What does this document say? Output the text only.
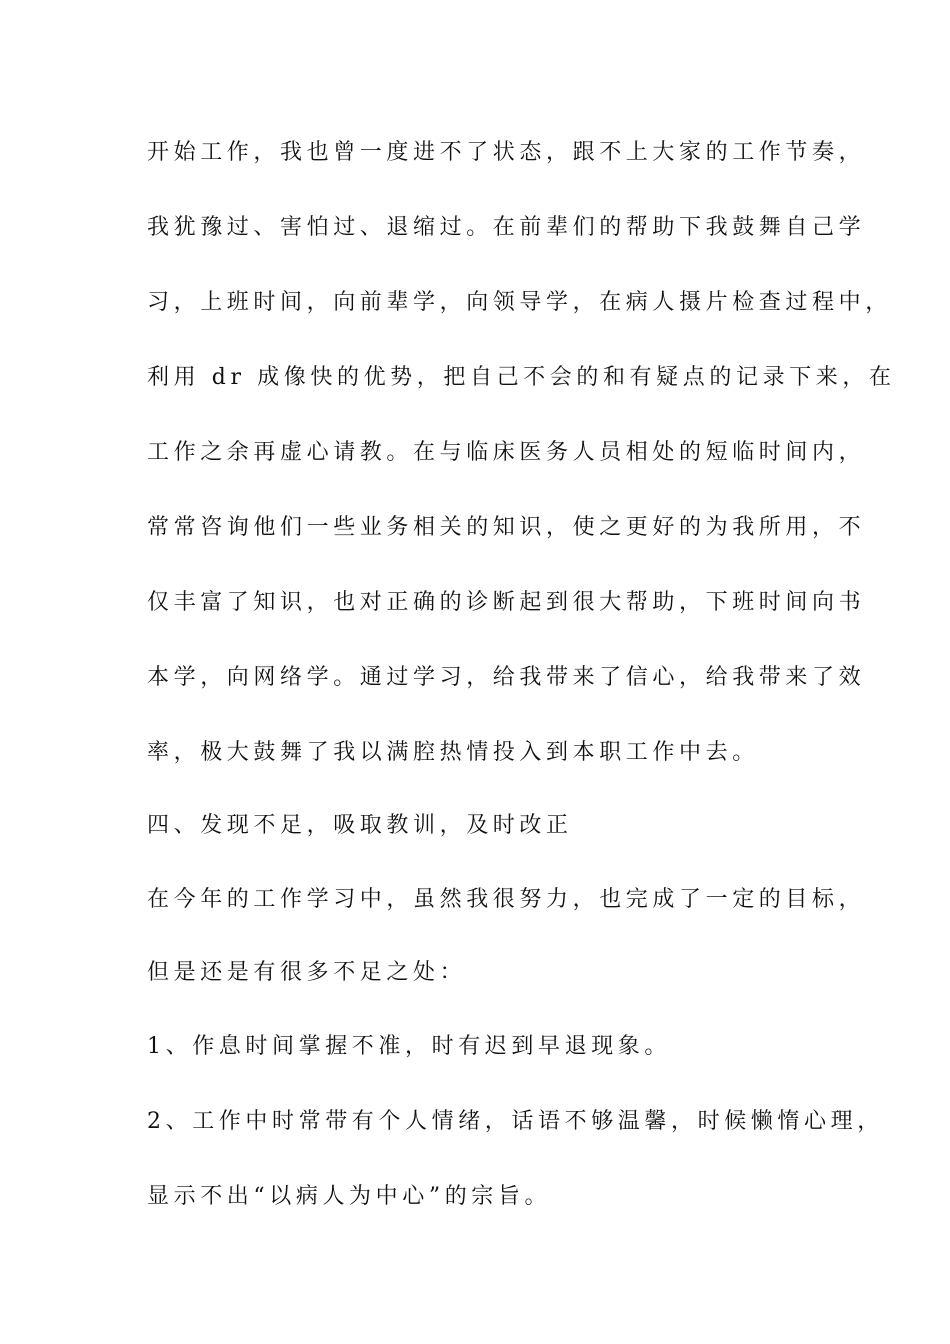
开始工作，我也曾一度进不了状态，跟不上大家的工作节奏，
我犹豫过、害怕过、退缩过。在前辈们的帮助下我鼓舞自己学
习，上班时间，向前辈学，向领导学，在病人摄片检查过程中，
利用 dr 成像快的优势，把自己不会的和有疑点的记录下来，在
工作之余再虚心请教。在与临床医务人员相处的短临时间内，
常常咨询他们一些业务相关的知识，使之更好的为我所用，不
仅丰富了知识，也对正确的诊断起到很大帮助，下班时间向书
本学，向网络学。通过学习，给我带来了信心，给我带来了效
率，极大鼓舞了我以满腔热情投入到本职工作中去。
四、发现不足，吸取教训，及时改正
在今年的工作学习中，虽然我很努力，也完成了一定的目标，
但是还是有很多不足之处：
1、作息时间掌握不准，时有迟到早退现象。
2、工作中时常带有个人情绪，话语不够温馨，时候懒惰心理，
显示不出“以病人为中心”的宗旨。
